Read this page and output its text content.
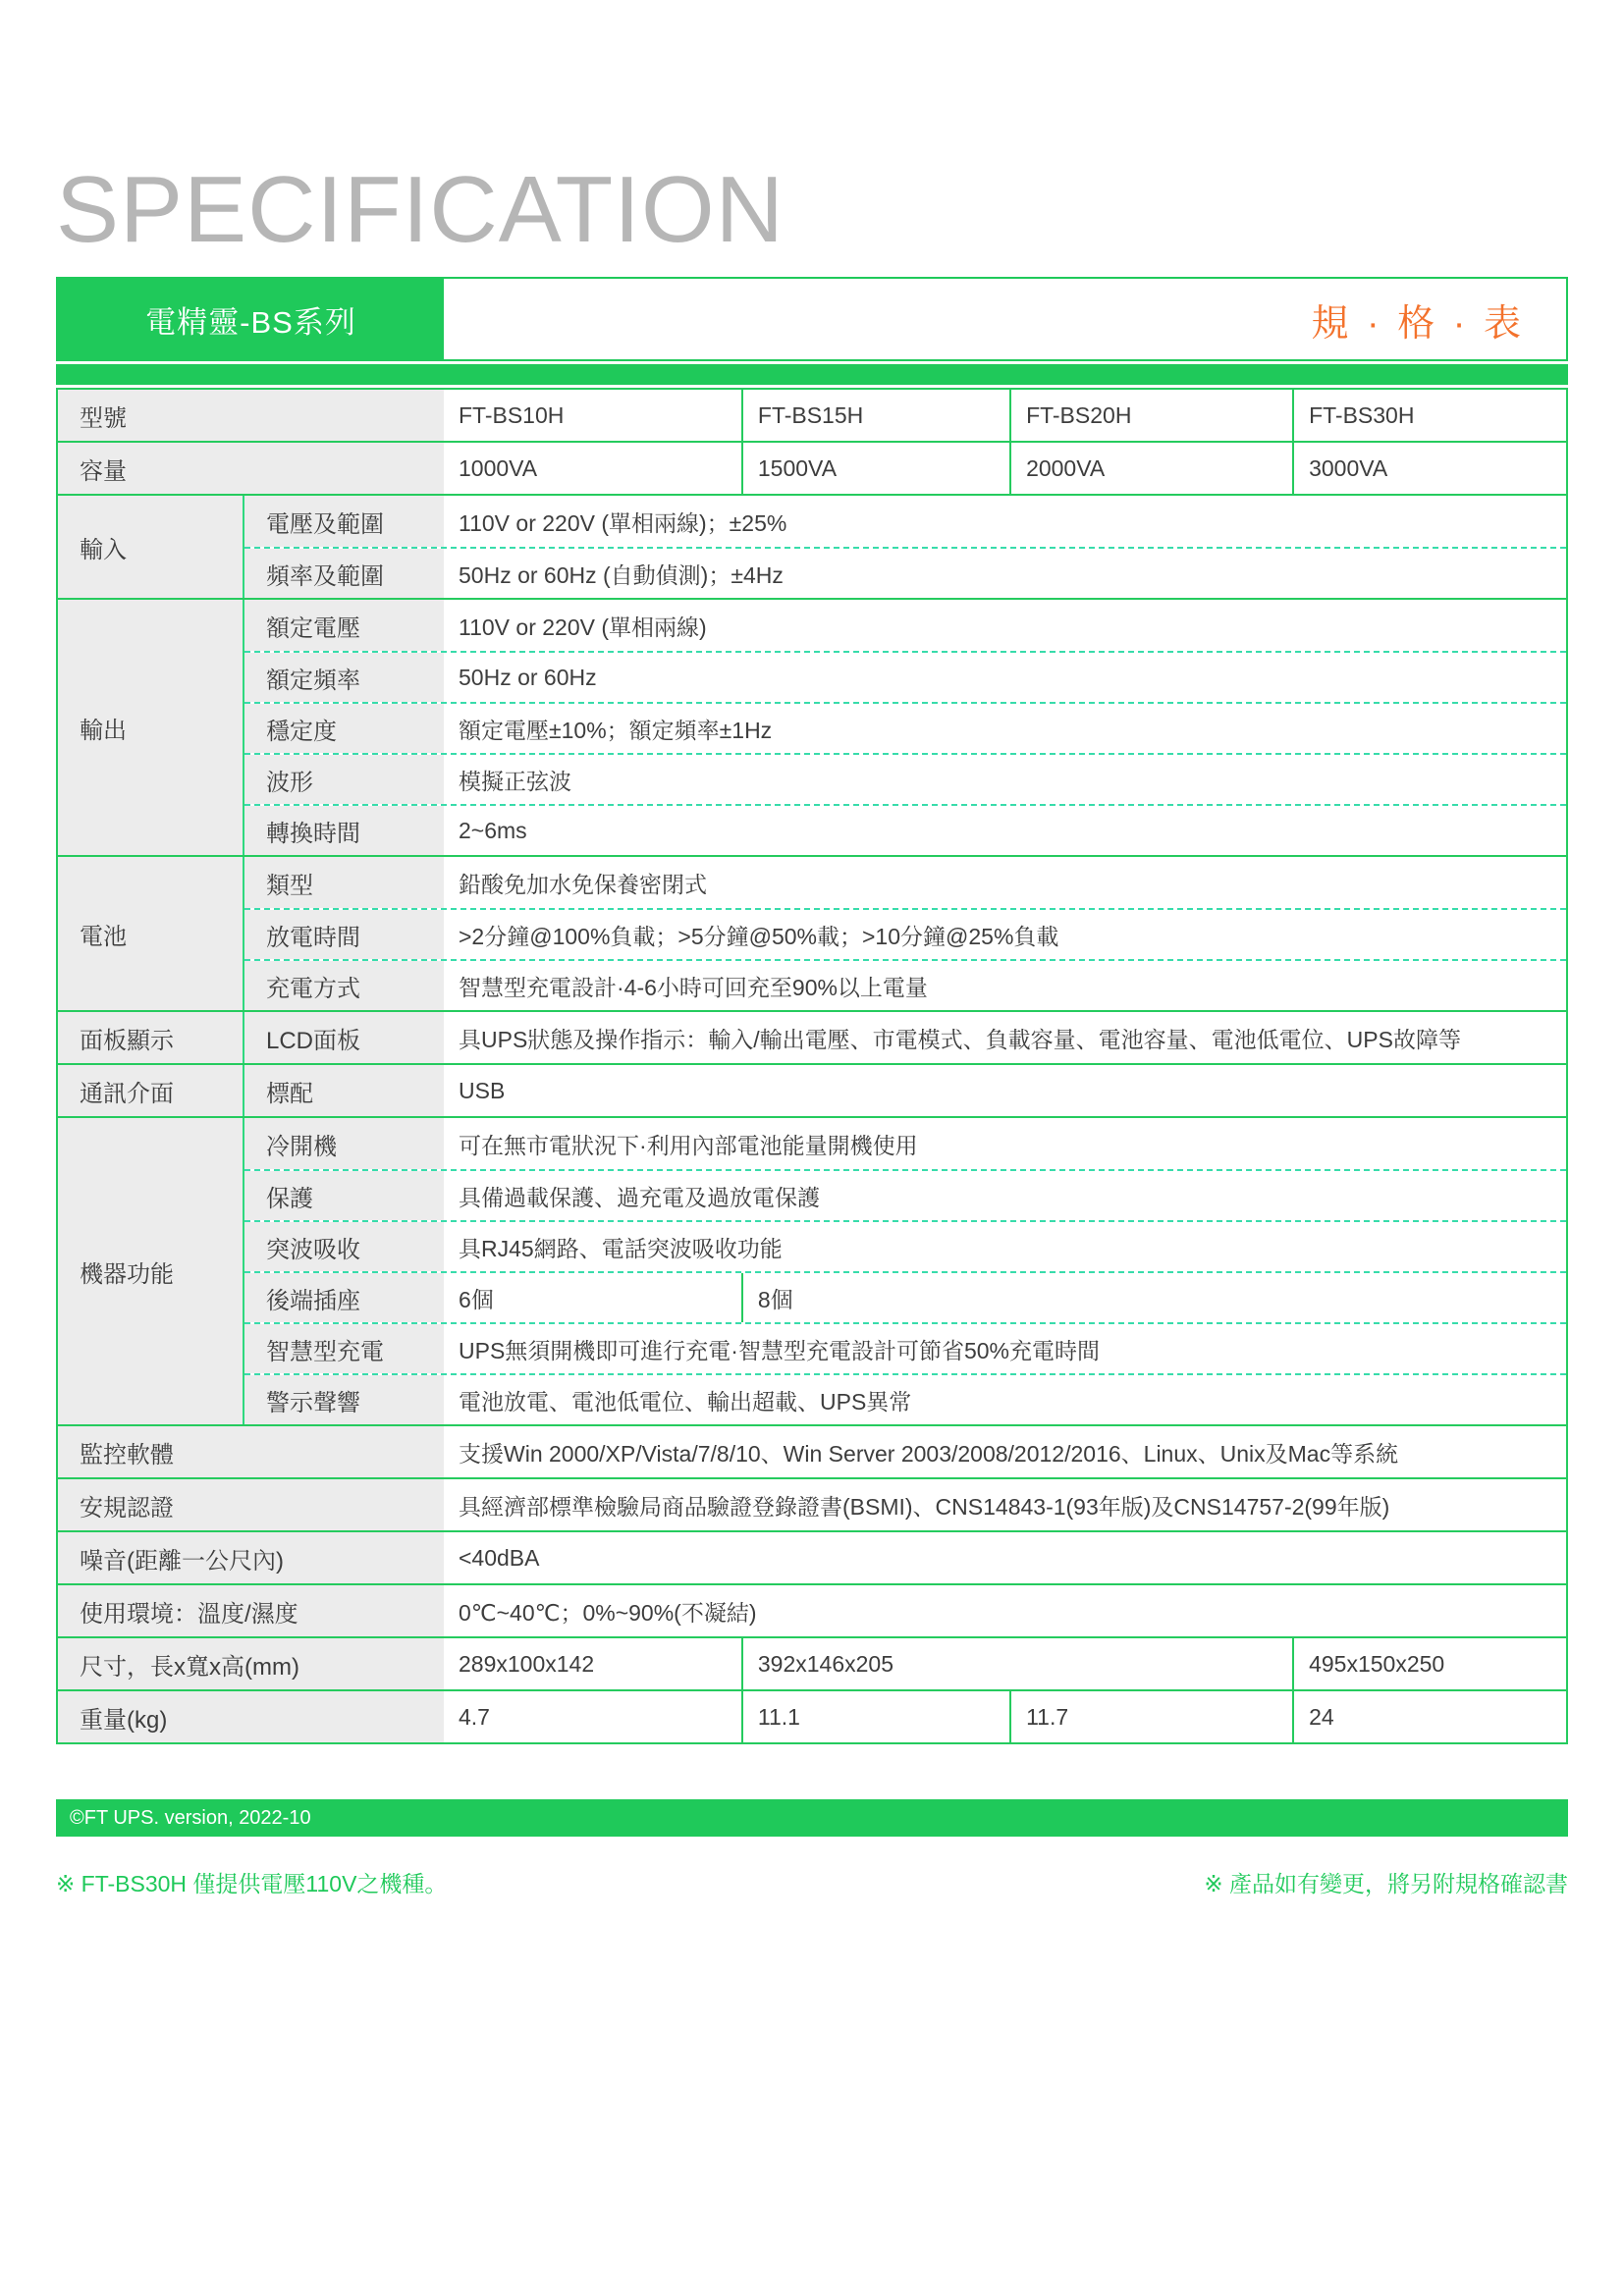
SPECIFICATION
電精靈-BS系列	規 · 格 · 表
型號	FT-BS10H	FT-BS15H	FT-BS20H	FT-BS30H
容量	1000VA	1500VA	2000VA	3000VA
輸入
電壓及範圍	110V or 220V (單相兩線)；±25%
頻率及範圍	50Hz or 60Hz (自動偵測)；±4Hz
輸出
額定電壓	110V or 220V (單相兩線)
額定頻率	50Hz or 60Hz
穩定度	額定電壓±10%；額定頻率±1Hz
波形	模擬正弦波
轉換時間	2~6ms
電池
類型	鉛酸免加水免保養密閉式
放電時間	>2分鐘@100%負載；>5分鐘@50%載；>10分鐘@25%負載
充電方式	智慧型充電設計·4-6小時可回充至90%以上電量
面板顯示	LCD面板	具UPS狀態及操作指示：輸入/輸出電壓、市電模式、負載容量、電池容量、電池低電位、UPS故障等
通訊介面	標配	USB
機器功能
冷開機	可在無市電狀況下·利用內部電池能量開機使用
保護	具備過載保護、過充電及過放電保護
突波吸收	具RJ45網路、電話突波吸收功能
後端插座	6個	8個
智慧型充電	UPS無須開機即可進行充電·智慧型充電設計可節省50%充電時間
警示聲響	電池放電、電池低電位、輸出超載、UPS異常
監控軟體	支援Win 2000/XP/Vista/7/8/10、Win Server 2003/2008/2012/2016、Linux、Unix及Mac等系統
安規認證	具經濟部標準檢驗局商品驗證登錄證書(BSMI)、CNS14843-1(93年版)及CNS14757-2(99年版)
噪音(距離一公尺內)	<40dBA
使用環境：溫度/濕度	0℃~40℃；0%~90%(不凝結)
尺寸，長x寬x高(mm)	289x100x142	392x146x205	495x150x250
重量(kg)	4.7	11.1	11.7	24
©FT UPS. version, 2022-10
※ FT-BS30H 僅提供電壓110V之機種。	※ 產品如有變更，將另附規格確認書
